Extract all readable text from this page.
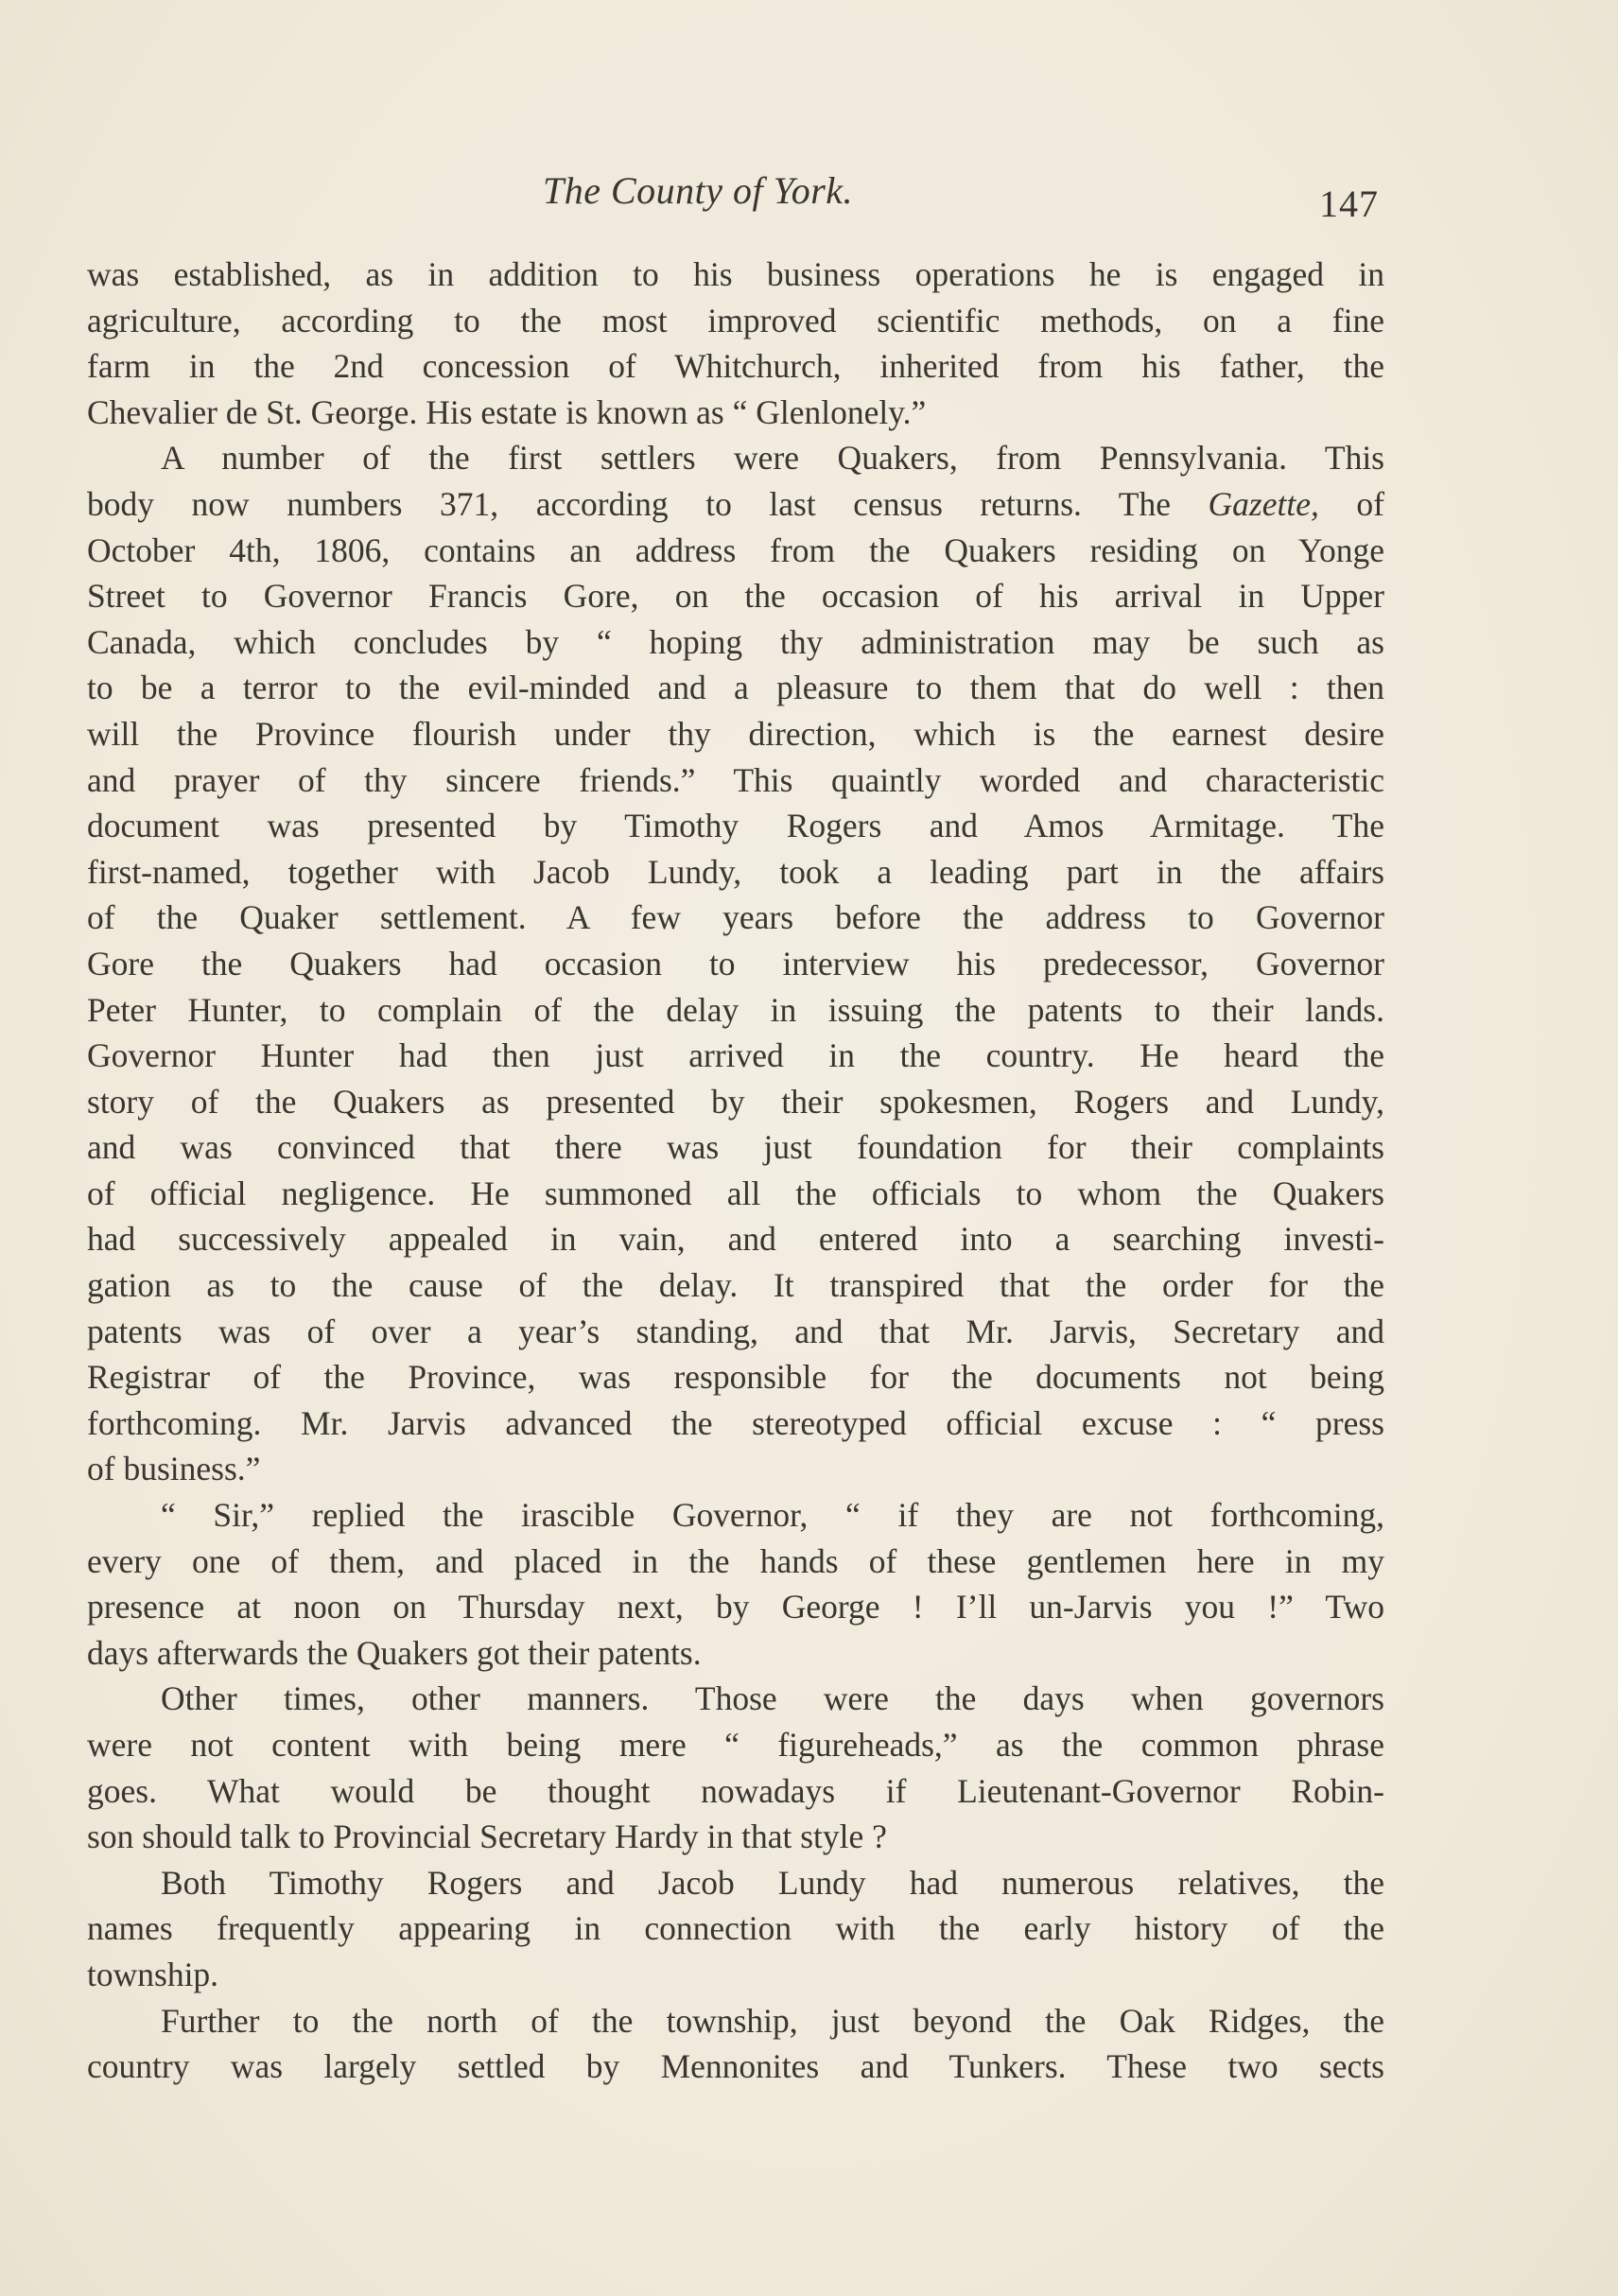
The County of York.	147
was established, as in addition to his business operations he is engaged in
agriculture, according to the most improved scientific methods, on a fine
farm in the 2nd concession of Whitchurch, inherited from his father, the
Chevalier de St. George. His estate is known as “ Glenlonely.”
A number of the first settlers were Quakers, from Pennsylvania. This
body now numbers 371, according to last census returns. The Gazette, of
October 4th, 1806, contains an address from the Quakers residing on Yonge
Street to Governor Francis Gore, on the occasion of his arrival in Upper
Canada, which concludes by “ hoping thy administration may be such as
to be a terror to the evil-minded and a pleasure to them that do well : then
will the Province flourish under thy direction, which is the earnest desire
and prayer of thy sincere friends.” This quaintly worded and characteristic
document was presented by Timothy Rogers and Amos Armitage. The
first-named, together with Jacob Lundy, took a leading part in the affairs
of the Quaker settlement. A few years before the address to Governor
Gore the Quakers had occasion to interview his predecessor, Governor
Peter Hunter, to complain of the delay in issuing the patents to their lands.
Governor Hunter had then just arrived in the country. He heard the
story of the Quakers as presented by their spokesmen, Rogers and Lundy,
and was convinced that there was just foundation for their complaints
of official negligence. He summoned all the officials to whom the Quakers
had successively appealed in vain, and entered into a searching investi-
gation as to the cause of the delay. It transpired that the order for the
patents was of over a year’s standing, and that Mr. Jarvis, Secretary and
Registrar of the Province, was responsible for the documents not being
forthcoming. Mr. Jarvis advanced the stereotyped official excuse : “ press
of business.”
“ Sir,” replied the irascible Governor, “ if they are not forthcoming,
every one of them, and placed in the hands of these gentlemen here in my
presence at noon on Thursday next, by George ! I’ll un-Jarvis you !” Two
days afterwards the Quakers got their patents.
Other times, other manners. Those were the days when governors
were not content with being mere “ figureheads,” as the common phrase
goes. What would be thought nowadays if Lieutenant-Governor Robin-
son should talk to Provincial Secretary Hardy in that style ?
Both Timothy Rogers and Jacob Lundy had numerous relatives, the
names frequently appearing in connection with the early history of the
township.
Further to the north of the township, just beyond the Oak Ridges, the
country was largely settled by Mennonites and Tunkers. These two sects
